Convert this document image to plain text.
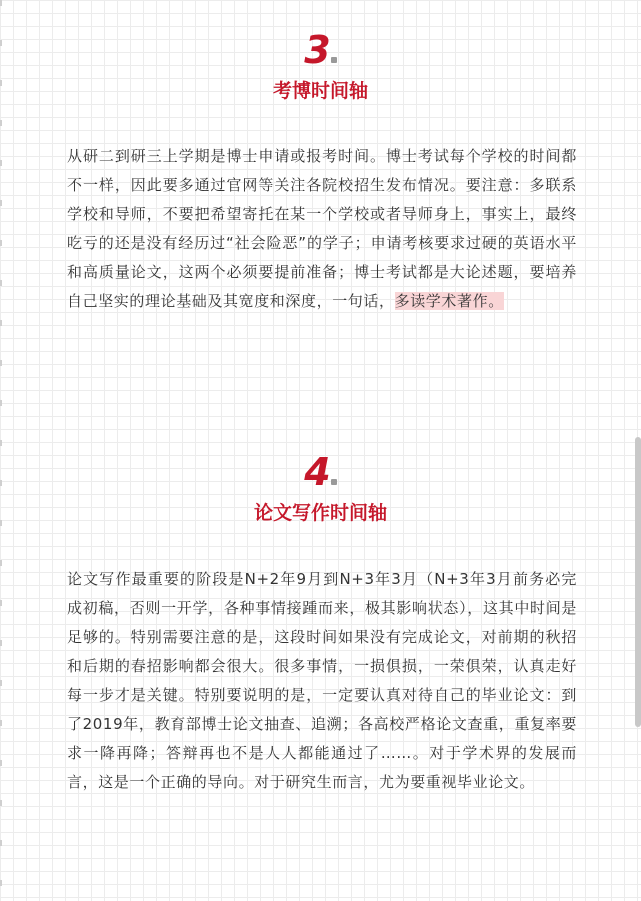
3
考博时间轴

从研二到研三上学期是博士申请或报考时间。博士考试每个学校的时间都不一样，因此要多通过官网等关注各院校招生发布情况。要注意：多联系学校和导师，不要把希望寄托在某一个学校或者导师身上，事实上，最终吃亏的还是没有经历过“社会险恶”的学子；申请考核要求过硬的英语水平和高质量论文，这两个必须要提前准备；博士考试都是大论述题，要培养自己坚实的理论基础及其宽度和深度，一句话，多读学术著作。

4
论文写作时间轴

论文写作最重要的阶段是N+2年9月到N+3年3月（N+3年3月前务必完成初稿，否则一开学，各种事情接踵而来，极其影响状态），这其中时间是足够的。特别需要注意的是，这段时间如果没有完成论文，对前期的秋招和后期的春招影响都会很大。很多事情，一损俱损，一荣俱荣，认真走好每一步才是关键。特别要说明的是，一定要认真对待自己的毕业论文：到了2019年，教育部博士论文抽查、追溯；各高校严格论文查重，重复率要求一降再降；答辩再也不是人人都能通过了……。对于学术界的发展而言，这是一个正确的导向。对于研究生而言，尤为要重视毕业论文。
